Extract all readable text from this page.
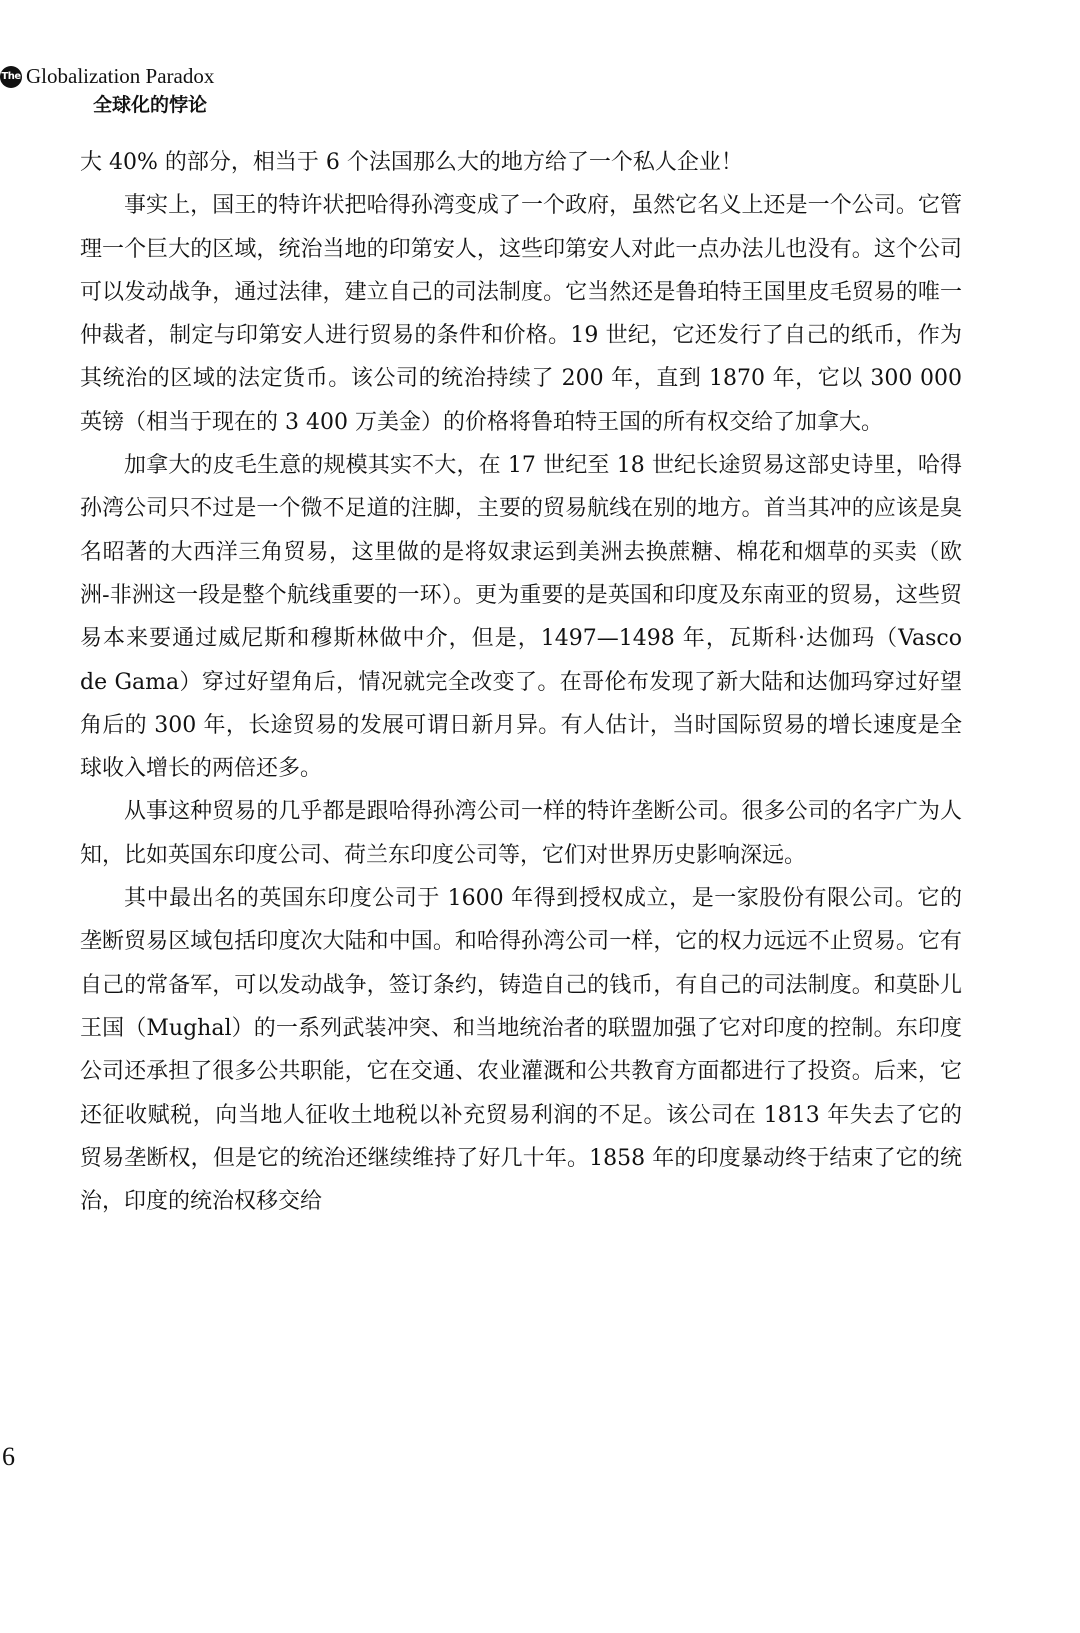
The Globalization Paradox
全球化的悖论

大 40% 的部分，相当于 6 个法国那么大的地方给了一个私人企业！

事实上，国王的特许状把哈得孙湾变成了一个政府，虽然它名义上还是一个公司。它管理一个巨大的区域，统治当地的印第安人，这些印第安人对此一点办法儿也没有。这个公司可以发动战争，通过法律，建立自己的司法制度。它当然还是鲁珀特王国里皮毛贸易的唯一仲裁者，制定与印第安人进行贸易的条件和价格。19 世纪，它还发行了自己的纸币，作为其统治的区域的法定货币。该公司的统治持续了 200 年，直到 1870 年，它以 300 000 英镑（相当于现在的 3 400 万美金）的价格将鲁珀特王国的所有权交给了加拿大。

加拿大的皮毛生意的规模其实不大，在 17 世纪至 18 世纪长途贸易这部史诗里，哈得孙湾公司只不过是一个微不足道的注脚，主要的贸易航线在别的地方。首当其冲的应该是臭名昭著的大西洋三角贸易，这里做的是将奴隶运到美洲去换蔗糖、棉花和烟草的买卖（欧洲-非洲这一段是整个航线重要的一环）。更为重要的是英国和印度及东南亚的贸易，这些贸易本来要通过威尼斯和穆斯林做中介，但是，1497—1498 年，瓦斯科·达伽玛（Vasco de Gama）穿过好望角后，情况就完全改变了。在哥伦布发现了新大陆和达伽玛穿过好望角后的 300 年，长途贸易的发展可谓日新月异。有人估计，当时国际贸易的增长速度是全球收入增长的两倍还多。

从事这种贸易的几乎都是跟哈得孙湾公司一样的特许垄断公司。很多公司的名字广为人知，比如英国东印度公司、荷兰东印度公司等，它们对世界历史影响深远。

其中最出名的英国东印度公司于 1600 年得到授权成立，是一家股份有限公司。它的垄断贸易区域包括印度次大陆和中国。和哈得孙湾公司一样，它的权力远远不止贸易。它有自己的常备军，可以发动战争，签订条约，铸造自己的钱币，有自己的司法制度。和莫卧儿王国（Mughal）的一系列武装冲突、和当地统治者的联盟加强了它对印度的控制。东印度公司还承担了很多公共职能，它在交通、农业灌溉和公共教育方面都进行了投资。后来，它还征收赋税，向当地人征收土地税以补充贸易利润的不足。该公司在 1813 年失去了它的贸易垄断权，但是它的统治还继续维持了好几十年。1858 年的印度暴动终于结束了它的统治，印度的统治权移交给

6
